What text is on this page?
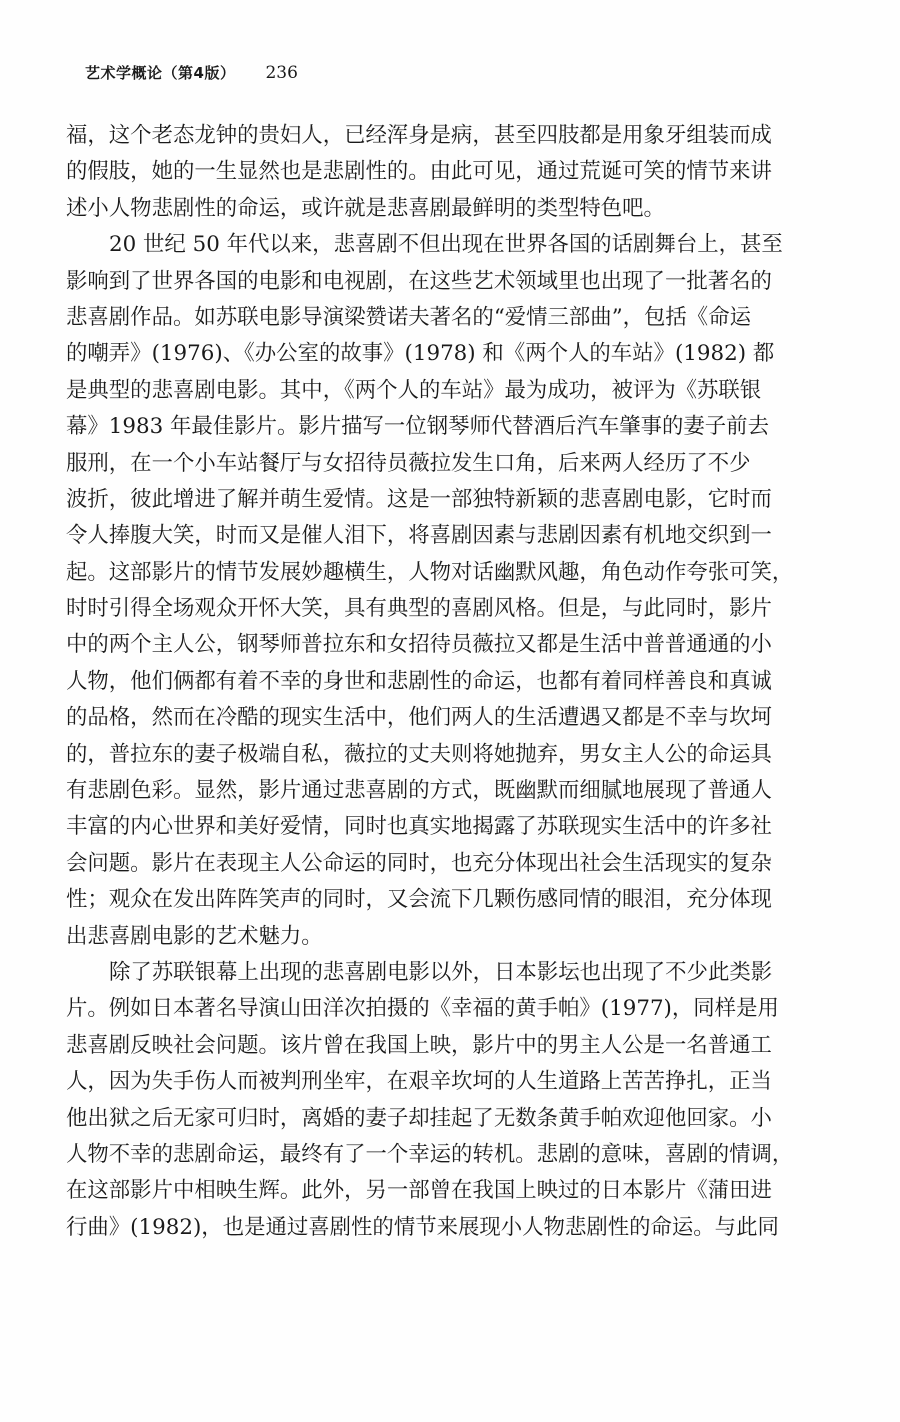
艺术学概论（第4版） 236
福，这个老态龙钟的贵妇人，已经浑身是病，甚至四肢都是用象牙组装而成
的假肢，她的一生显然也是悲剧性的。由此可见，通过荒诞可笑的情节来讲
述小人物悲剧性的命运，或许就是悲喜剧最鲜明的类型特色吧。
20 世纪 50 年代以来，悲喜剧不但出现在世界各国的话剧舞台上，甚至
影响到了世界各国的电影和电视剧，在这些艺术领域里也出现了一批著名的
悲喜剧作品。如苏联电影导演梁赞诺夫著名的“爱情三部曲”，包括《命运
的嘲弄》(1976)、《办公室的故事》(1978) 和《两个人的车站》(1982) 都
是典型的悲喜剧电影。其中，《两个人的车站》最为成功，被评为《苏联银
幕》1983 年最佳影片。影片描写一位钢琴师代替酒后汽车肇事的妻子前去
服刑，在一个小车站餐厅与女招待员薇拉发生口角，后来两人经历了不少
波折，彼此增进了解并萌生爱情。这是一部独特新颖的悲喜剧电影，它时而
令人捧腹大笑，时而又是催人泪下，将喜剧因素与悲剧因素有机地交织到一
起。这部影片的情节发展妙趣横生，人物对话幽默风趣，角色动作夸张可笑，
时时引得全场观众开怀大笑，具有典型的喜剧风格。但是，与此同时，影片
中的两个主人公，钢琴师普拉东和女招待员薇拉又都是生活中普普通通的小
人物，他们俩都有着不幸的身世和悲剧性的命运，也都有着同样善良和真诚
的品格，然而在冷酷的现实生活中，他们两人的生活遭遇又都是不幸与坎坷
的，普拉东的妻子极端自私，薇拉的丈夫则将她抛弃，男女主人公的命运具
有悲剧色彩。显然，影片通过悲喜剧的方式，既幽默而细腻地展现了普通人
丰富的内心世界和美好爱情，同时也真实地揭露了苏联现实生活中的许多社
会问题。影片在表现主人公命运的同时，也充分体现出社会生活现实的复杂
性；观众在发出阵阵笑声的同时，又会流下几颗伤感同情的眼泪，充分体现
出悲喜剧电影的艺术魅力。
除了苏联银幕上出现的悲喜剧电影以外，日本影坛也出现了不少此类影
片。例如日本著名导演山田洋次拍摄的《幸福的黄手帕》(1977)，同样是用
悲喜剧反映社会问题。该片曾在我国上映，影片中的男主人公是一名普通工
人，因为失手伤人而被判刑坐牢，在艰辛坎坷的人生道路上苦苦挣扎，正当
他出狱之后无家可归时，离婚的妻子却挂起了无数条黄手帕欢迎他回家。小
人物不幸的悲剧命运，最终有了一个幸运的转机。悲剧的意味，喜剧的情调，
在这部影片中相映生辉。此外，另一部曾在我国上映过的日本影片《蒲田进
行曲》(1982)，也是通过喜剧性的情节来展现小人物悲剧性的命运。与此同
